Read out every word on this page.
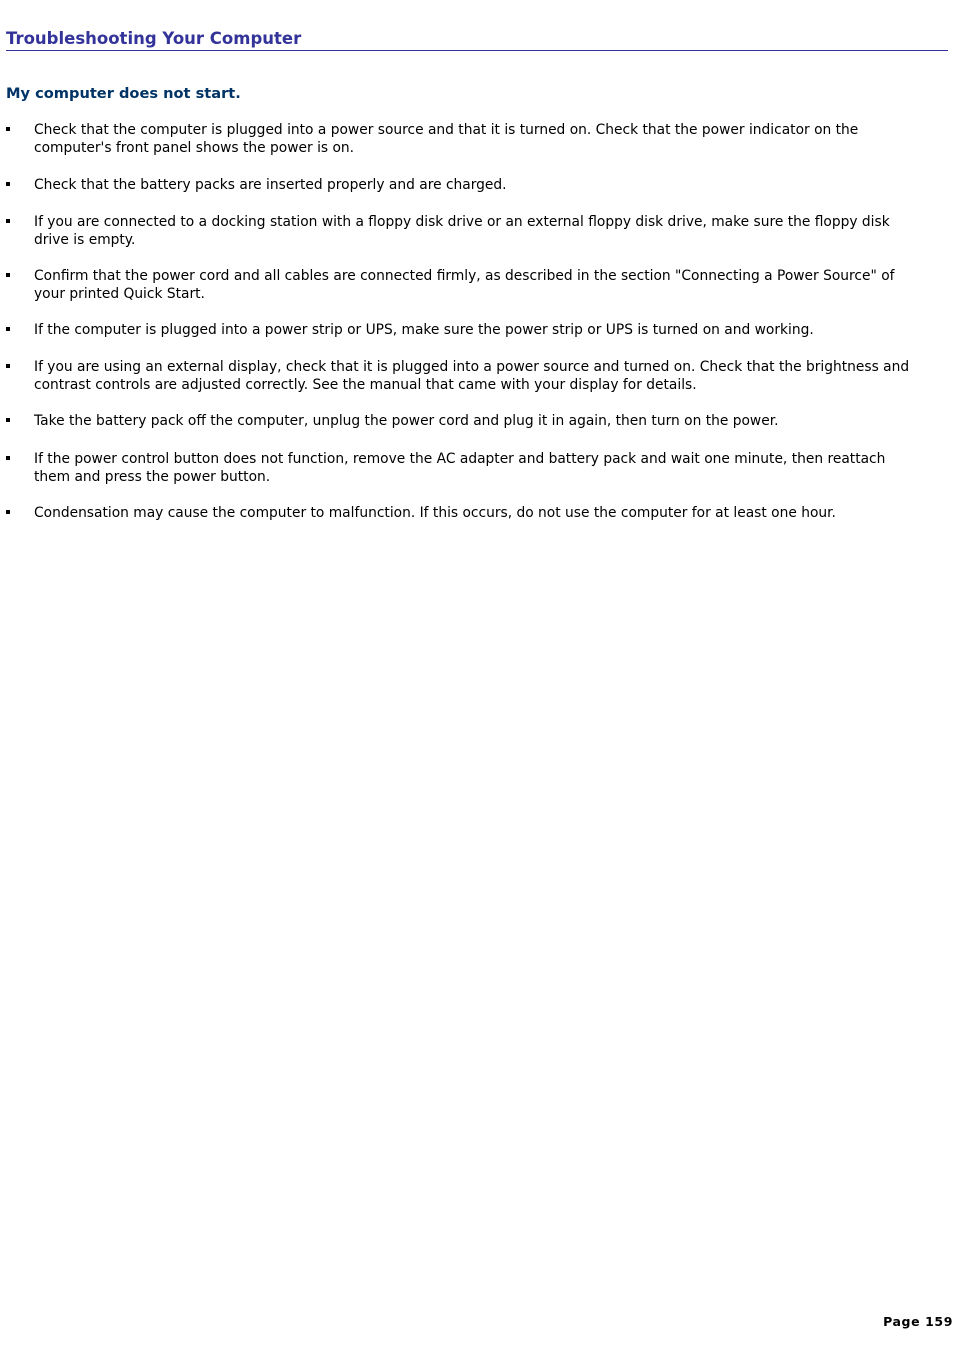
Troubleshooting Your Computer
My computer does not start.
Check that the computer is plugged into a power source and that it is turned on. Check that the power indicator on the computer's front panel shows the power is on.
Check that the battery packs are inserted properly and are charged.
If you are connected to a docking station with a floppy disk drive or an external floppy disk drive, make sure the floppy disk drive is empty.
Confirm that the power cord and all cables are connected firmly, as described in the section "Connecting a Power Source" of your printed Quick Start.
If the computer is plugged into a power strip or UPS, make sure the power strip or UPS is turned on and working.
If you are using an external display, check that it is plugged into a power source and turned on. Check that the brightness and contrast controls are adjusted correctly. See the manual that came with your display for details.
Take the battery pack off the computer, unplug the power cord and plug it in again, then turn on the power.
If the power control button does not function, remove the AC adapter and battery pack and wait one minute, then reattach them and press the power button.
Condensation may cause the computer to malfunction. If this occurs, do not use the computer for at least one hour.
Page 159
